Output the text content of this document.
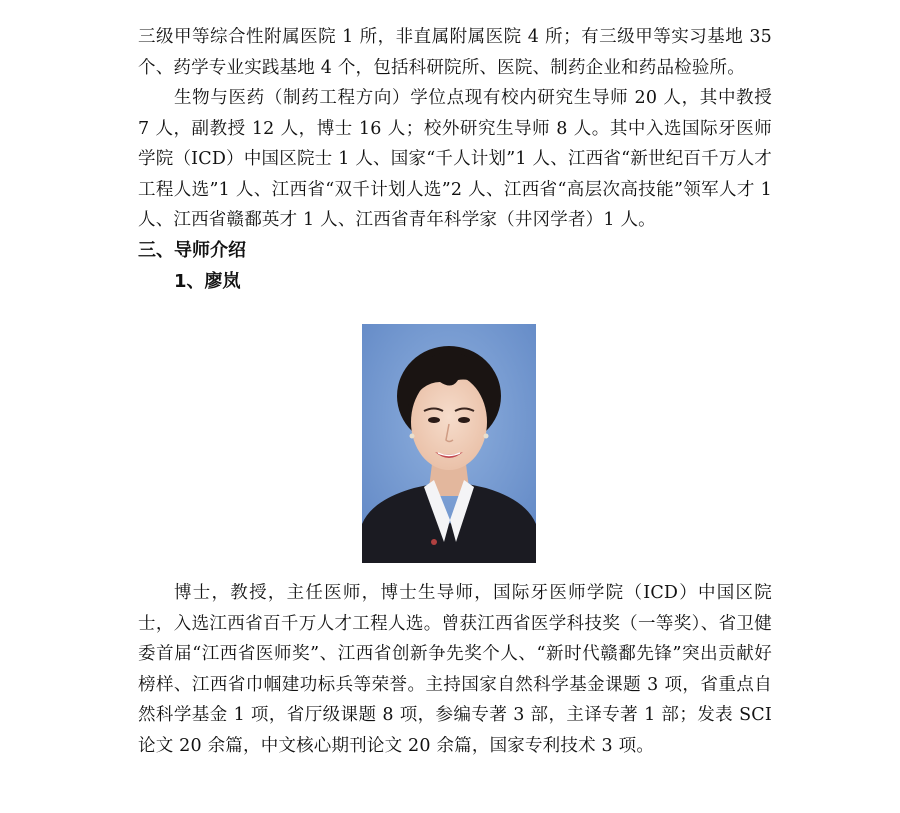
三级甲等综合性附属医院 1 所，非直属附属医院 4 所；有三级甲等实习基地 35 个、药学专业实践基地 4 个，包括科研院所、医院、制药企业和药品检验所。

生物与医药（制药工程方向）学位点现有校内研究生导师 20 人，其中教授 7 人，副教授 12 人，博士 16 人；校外研究生导师 8 人。其中入选国际牙医师学院（ICD）中国区院士 1 人、国家“千人计划”1 人、江西省“新世纪百千万人才工程人选”1 人、江西省“双千计划人选”2 人、江西省“高层次高技能”领军人才 1 人、江西省赣鄱英才 1 人、江西省青年科学家（井冈学者）1 人。

三、导师介绍

1、廖岚

博士，教授，主任医师，博士生导师，国际牙医师学院（ICD）中国区院士，入选江西省百千万人才工程人选。曾获江西省医学科技奖（一等奖）、省卫健委首届“江西省医师奖”、江西省创新争先奖个人、“新时代赣鄱先锋”突出贡献好榜样、江西省巾帼建功标兵等荣誉。主持国家自然科学基金课题 3 项，省重点自然科学基金 1 项，省厅级课题 8 项，参编专著 3 部，主译专著 1 部；发表 SCI 论文 20 余篇，中文核心期刊论文 20 余篇，国家专利技术 3 项。
